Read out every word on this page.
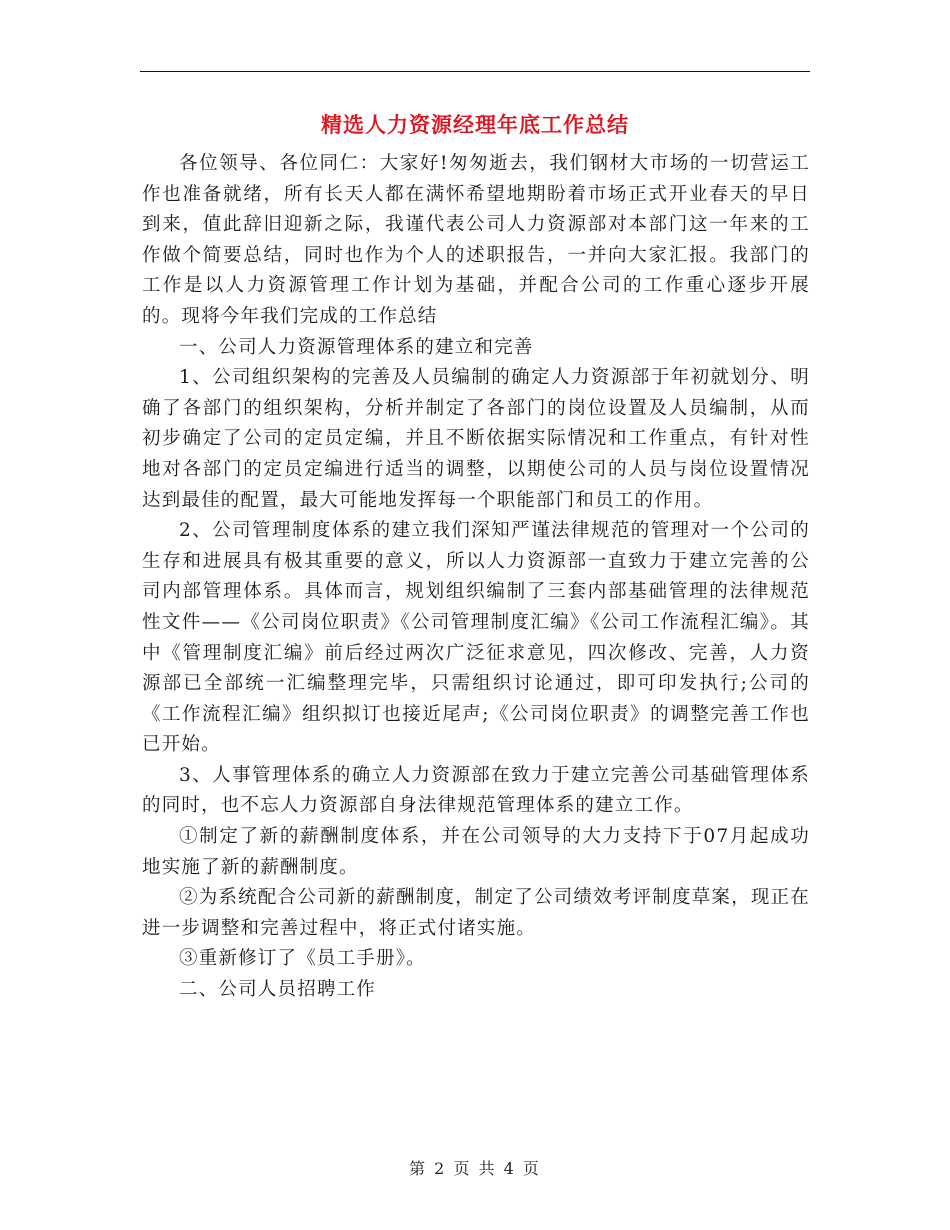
精选人力资源经理年底工作总结

各位领导、各位同仁：大家好!匆匆逝去，我们钢材大市场的一切营运工作也准备就绪，所有长天人都在满怀希望地期盼着市场正式开业春天的早日到来，值此辞旧迎新之际，我谨代表公司人力资源部对本部门这一年来的工作做个简要总结，同时也作为个人的述职报告，一并向大家汇报。我部门的工作是以人力资源管理工作计划为基础，并配合公司的工作重心逐步开展的。现将今年我们完成的工作总结

一、公司人力资源管理体系的建立和完善

1、公司组织架构的完善及人员编制的确定人力资源部于年初就划分、明确了各部门的组织架构，分析并制定了各部门的岗位设置及人员编制，从而初步确定了公司的定员定编，并且不断依据实际情况和工作重点，有针对性地对各部门的定员定编进行适当的调整，以期使公司的人员与岗位设置情况达到最佳的配置，最大可能地发挥每一个职能部门和员工的作用。

2、公司管理制度体系的建立我们深知严谨法律规范的管理对一个公司的生存和进展具有极其重要的意义，所以人力资源部一直致力于建立完善的公司内部管理体系。具体而言，规划组织编制了三套内部基础管理的法律规范性文件——《公司岗位职责》《公司管理制度汇编》《公司工作流程汇编》。其中《管理制度汇编》前后经过两次广泛征求意见，四次修改、完善，人力资源部已全部统一汇编整理完毕，只需组织讨论通过，即可印发执行;公司的《工作流程汇编》组织拟订也接近尾声;《公司岗位职责》的调整完善工作也已开始。

3、人事管理体系的确立人力资源部在致力于建立完善公司基础管理体系的同时，也不忘人力资源部自身法律规范管理体系的建立工作。

①制定了新的薪酬制度体系，并在公司领导的大力支持下于07月起成功地实施了新的薪酬制度。

②为系统配合公司新的薪酬制度，制定了公司绩效考评制度草案，现正在进一步调整和完善过程中，将正式付诸实施。

③重新修订了《员工手册》。

二、公司人员招聘工作

第 2 页 共 4 页
